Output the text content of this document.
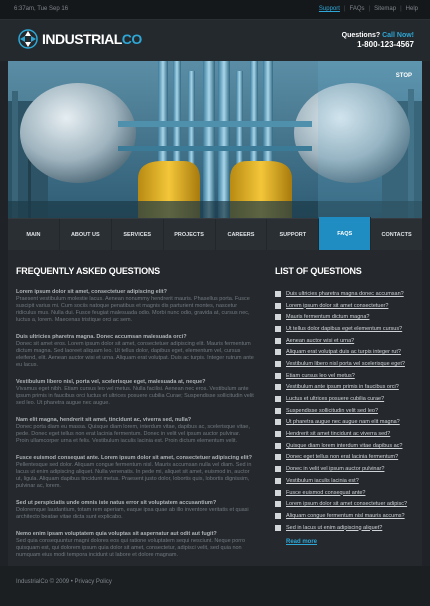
6:37am, Tue Sep 16	Support | FAQs | Sitemap | Help
INDUSTRIALCO	Questions? Call Now!
1-800-123-4567
STOP
MAIN	ABOUT US	SERVICES	PROJECTS	CAREERS	SUPPORT	FAQS	CONTACTS
FREQUENTLY ASKED QUESTIONS
Lorem ipsum dolor sit amet, consectetuer adipiscing elit?
Praesent vestibulum molestie lacus. Aenean nonummy hendrerit mauris. Phasellus porta. Fusce suscipit varius mi. Cum sociis natoque penatibus et magnis dis parturient montes, nascetur ridiculus mus. Nulla dui. Fusce feugiat malesuada odio. Morbi nunc odio, gravida at, cursus nec, luctus a, lorem. Maecenas tristique orci ac sem.
Duis ultricies pharetra magna. Donec accumsan malesuada orci?
Donec sit amet eros. Lorem ipsum dolor sit amet, consectetuer adipiscing elit. Mauris fermentum dictum magna. Sed laoreet aliquam leo. Ut tellus dolor, dapibus eget, elementum vel, cursus eleifend, elit. Aenean auctor wisi et urna. Aliquam erat volutpat. Duis ac turpis. Integer rutrum ante eu lacus.
Vestibulum libero nisl, porta vel, scelerisque eget, malesuada at, neque?
Vivamus eget nibh. Etiam cursus leo vel metus. Nulla facilisi. Aenean nec eros. Vestibulum ante ipsum primis in faucibus orci luctus et ultrices posuere cubilia Curae; Suspendisse sollicitudin velit sed leo. Ut pharetra augue nec augue.
Nam elit magna, hendrerit sit amet, tincidunt ac, viverra sed, nulla?
Donec porta diam eu massa. Quisque diam lorem, interdum vitae, dapibus ac, scelerisque vitae, pede. Donec eget tellus non erat lacinia fermentum. Donec in velit vel ipsum auctor pulvinar. Proin ullamcorper urna et felis. Vestibulum iaculis lacinia est. Proin dictum elementum velit.
Fusce euismod consequat ante. Lorem ipsum dolor sit amet, consectetuer adipiscing elit?
Pellentesque sed dolor. Aliquam congue fermentum nisl. Mauris accumsan nulla vel diam. Sed in lacus ut enim adipiscing aliquet. Nulla venenatis. In pede mi, aliquet sit amet, euismod in, auctor ut, ligula. Aliquam dapibus tincidunt metus. Praesent justo dolor, lobortis quis, lobortis dignissim, pulvinar ac, lorem.
Sed ut perspiciatis unde omnis iste natus error sit voluptatem accusantium?
Doloremque laudantium, totam rem aperiam, eaque ipsa quae ab illo inventore veritatis et quasi architecto beatae vitae dicta sunt explicabo.
Nemo enim ipsam voluptatem quia voluptas sit aspernatur aut odit aut fugit?
Sed quia consequuntur magni dolores eos qui ratione voluptatem sequi nesciunt. Neque porro quisquam est, qui dolorem ipsum quia dolor sit amet, consectetur, adipisci velit, sed quia non numquam eius modi tempora incidunt ut labore et dolore magnam.
LIST OF QUESTIONS
Duis ultricies pharetra magna donec accumsan?
Lorem ipsum dolor sit amet consectetuer?
Mauris fermentum dictum magna?
Ut tellus dolor dapibus eget elementum cursus?
Aenean auctor wisi et urna?
Aliquam erat volutpat duis ac turpis integer rut?
Vestibulum libero nisl porta vel scelerisque eget?
Etiam cursus leo vel metus?
Vestibulum ante ipsum primis in faucibus orci?
Luctus et ultrices posuere cubilia curae?
Suspendisse sollicitudin velit sed leo?
Ut pharetra augue nec augue nam elit magna?
Hendrerit sit amet tincidunt ac viverra sed?
Quisque diam lorem interdum vitae dapibus ac?
Donec eget tellus non erat lacinia fermentum?
Donec in velit vel ipsum auctor pulvinar?
Vestibulum iaculis lacinia est?
Fusce euismod consequat ante?
Lorem ipsum dolor sit amet consectetuer adipisc?
Aliquam congue fermentum nisl mauris accums?
Sed in lacus ut enim adipiscing aliquet?
Read more
IndustrialCo © 2009 • Privacy Policy
